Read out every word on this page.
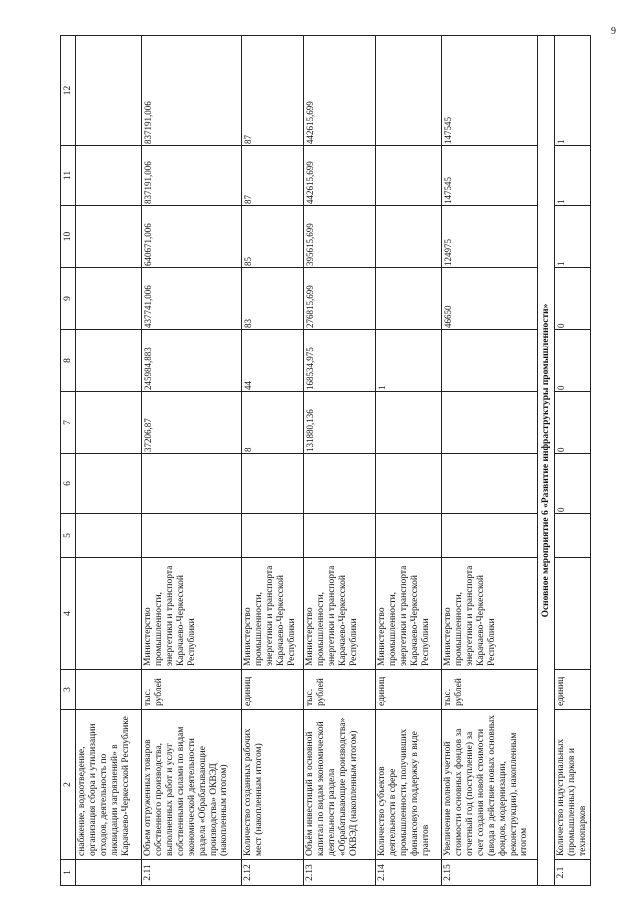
9
1	2	3	4	5	6	7	8	9	10	11	12
	снабжение, водоотведение, организация сбора и утилизации отходов, деятельность по ликвидации загрязнений» в Карачаево-Черкесской Республике										
2.11	Объем отгруженных товаров собственного производства, выполненных работ и услуг собственными силами по видам экономической деятельности раздела «Обрабатывающие производства» ОКВЭД (накопленным итогом)	тыс. рублей	Министерство промышленности, энергетики и транспорта Карачаево-Черкесской Республики			37206,87	245984,883	437741,006	640671,006	837191,006	837191,006
2.12	Количество созданных рабочих мест (накопленным итогом)	единиц	Министерство промышленности, энергетики и транспорта Карачаево-Черкесской Республики			8	44	83	85	87	87
2.13	Объём инвестиций в основной капитал по видам экономической деятельности раздела «Обрабатывающие производства» ОКВЭД (накопленным итогом)	тыс. рублей	Министерство промышленности, энергетики и транспорта Карачаево-Черкесской Республики			131880,136	168534,975	276815,699	395615,699	442615,699	442615,699
2.14	Количество субъектов деятельности в сфере промышленности, получивших финансовую поддержку в виде грантов	единиц	Министерство промышленности, энергетики и транспорта Карачаево-Черкесской Республики				1				
2.15	Увеличение полной учетной стоимости основных фондов за отчетный год (поступление) за счет создания новой стоимости (ввода в действие новых основных фондов, модернизации, реконструкции), накопленным итогом	тыс. рублей	Министерство промышленности, энергетики и транспорта Карачаево-Черкесской Республики					46650	124975	147545	147545
Основное мероприятие 6 «Развитие инфраструктуры промышленности»											
2.1	Количество индустриальных (промышленных) парков и технопарков	единиц			0	0	0	0	1	1	1
